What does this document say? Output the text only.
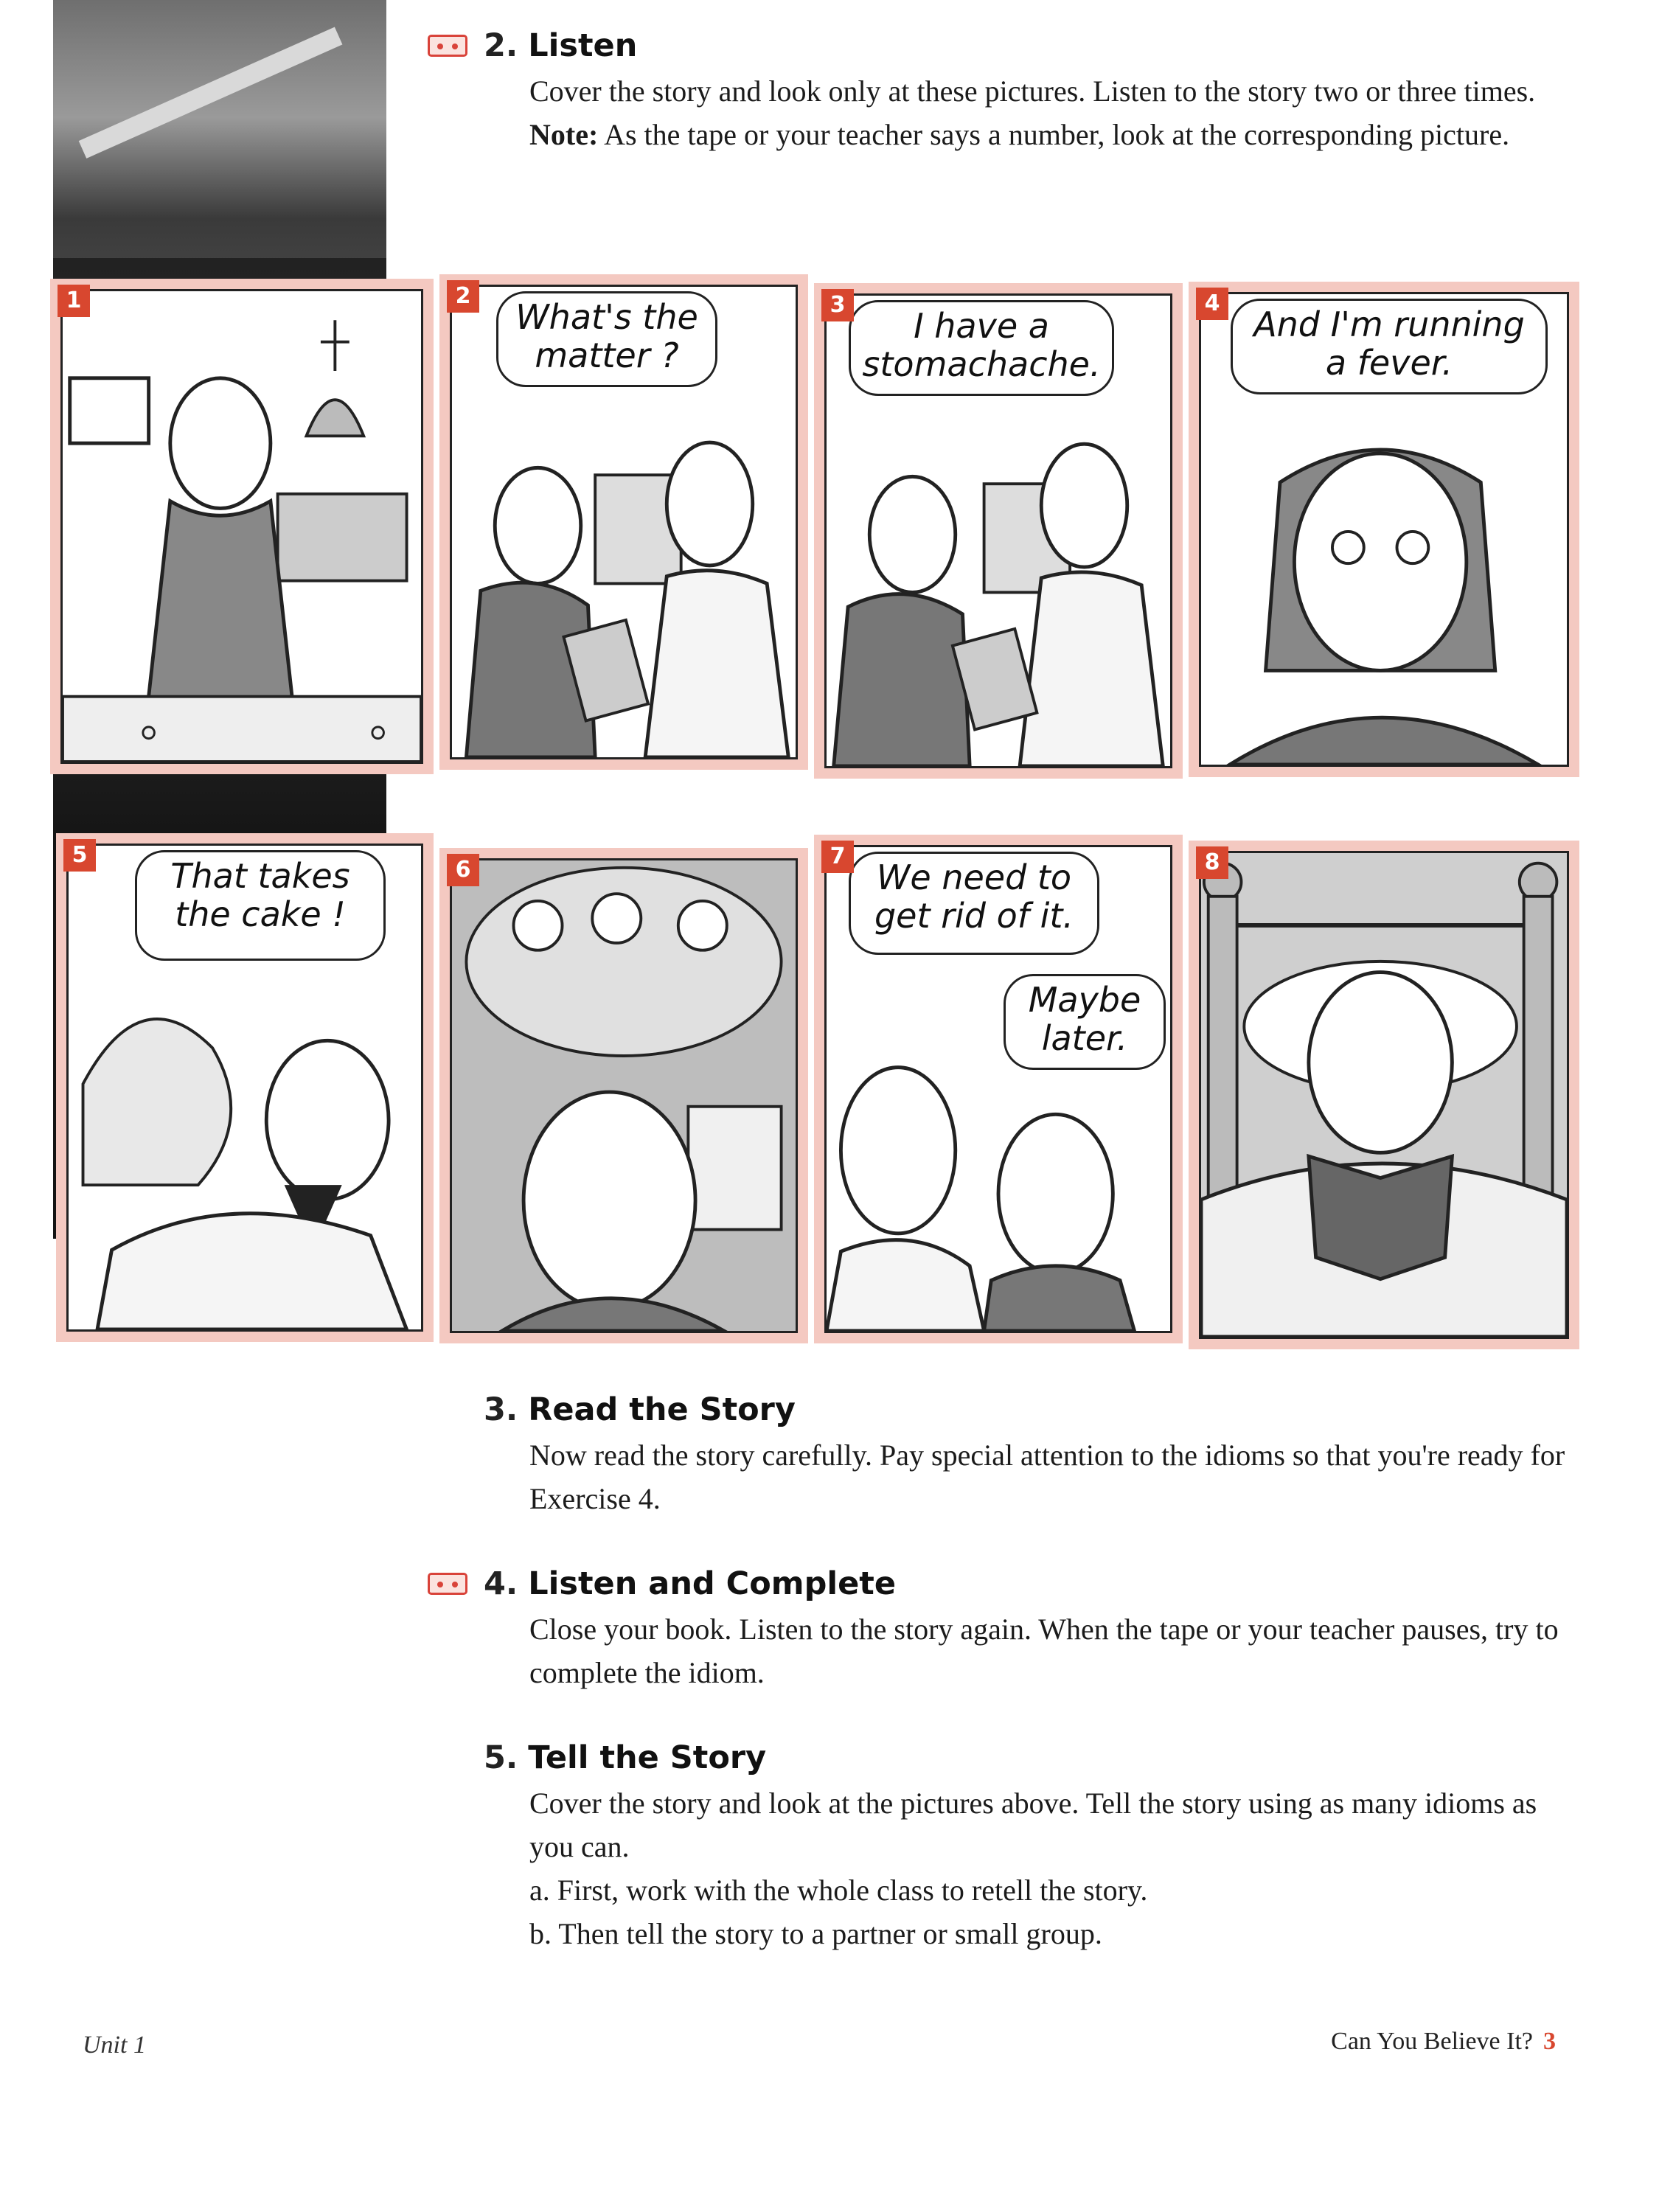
2. Listen

Cover the story and look only at these pictures. Listen to the story two or three times.

Note: As the tape or your teacher says a number, look at the corresponding picture.

1	2
What's the matter ?
3
I have a stomachache.
4
And I'm running a fever.
5
That takes the cake !
6
7
We need to get rid of it.
Maybe later.
8
3. Read the Story

Now read the story carefully. Pay special attention to the idioms so that you're ready for Exercise 4.

4. Listen and Complete

Close your book. Listen to the story again. When the tape or your teacher pauses, try to complete the idiom.

5. Tell the Story

Cover the story and look at the pictures above. Tell the story using as many idioms as you can.

a. First, work with the whole class to retell the story.

b. Then tell the story to a partner or small group.

Unit 1	Can You Believe It? 3
